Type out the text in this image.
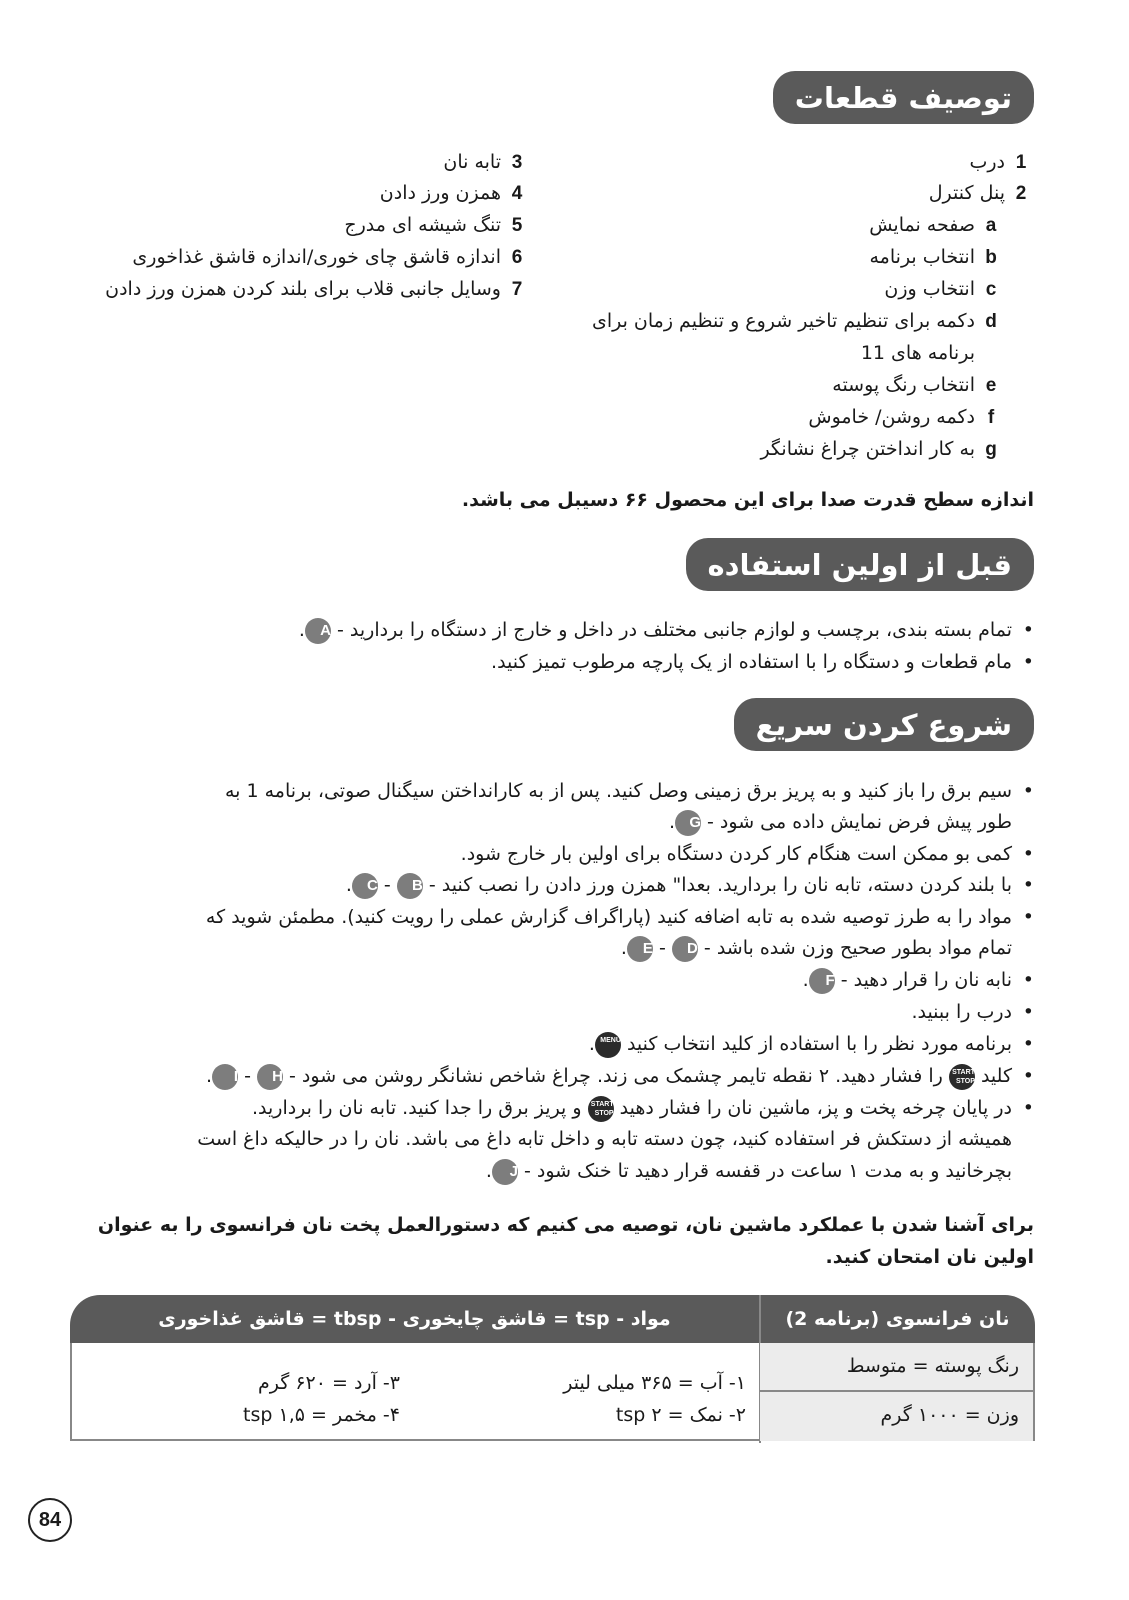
توصیف قطعات
1درب
2پنل کنترل
aصفحه نمایش
bانتخاب برنامه
cانتخاب وزن
dدکمه برای تنظیم تاخیر شروع و تنظیم زمان برای
برنامه های 11
eانتخاب رنگ پوسته
fدکمه روشن/ خاموش
gبه کار انداختن چراغ نشانگر
3تابه نان
4همزن ورز دادن
5تنگ شیشه ای مدرج
6اندازه قاشق چای خوری/اندازه قاشق غذاخوری
7وسایل جانبی قلاب برای بلند کردن همزن ورز دادن
اندازه سطح قدرت صدا برای این محصول ۶۶ دسیبل می باشد.
قبل از اولین استفاده
•
تمام بسته بندی، برچسب و لوازم جانبی مختلف در داخل و خارج از دستگاه را بردارید - A.
•
مام قطعات و دستگاه را با استفاده از یک پارچه مرطوب تمیز کنید.
شروع کردن سریع
•
سیم برق را باز کنید و به پریز برق زمینی وصل کنید. پس از به کارانداختن سیگنال صوتی، برنامه 1 به
طور پیش فرض نمایش داده می شود - G.
•
کمی بو ممکن است هنگام کار کردن دستگاه برای اولین بار خارج شود.
•
با بلند کردن دسته، تابه نان را بردارید. بعدا" همزن ورز دادن را نصب کنید - B - C.
•
مواد را به طرز توصیه شده به تابه اضافه کنید (پاراگراف گزارش عملی را رویت کنید). مطمئن شوید که
تمام مواد بطور صحیح وزن شده باشد - D - E.
•
نابه نان را قرار دهید - F.
•
درب را ببنید.
•
برنامه مورد نظر را با استفاده از کلید انتخاب کنید MENU.
•
کلید START
STOP را فشار دهید. ۲ نقطه تایمر چشمک می زند. چراغ شاخص نشانگر روشن می شود - H - I.
•
در پایان چرخه پخت و پز، ماشین نان را فشار دهید START
STOP و پریز برق را جدا کنید. تابه نان را بردارید.
همیشه از دستکش فر استفاده کنید، چون دسته تابه و داخل تابه داغ می باشد. نان را در حالیکه داغ است
بچرخانید و به مدت ۱ ساعت در قفسه قرار دهید تا خنک شود - J.
برای آشنا شدن با عملکرد ماشین نان، توصیه می کنیم که دستورالعمل پخت نان فرانسوی را به عنوان
اولین نان امتحان کنید.
نان فرانسوی (برنامه 2)
مواد - tsp = قاشق چایخوری - tbsp = قاشق غذاخوری
رنگ پوسته = متوسط
وزن = ۱۰۰۰ گرم
۱- آب = ۳۶۵ میلی لیتر
۲- نمک = ۲ tsp
۳- آرد = ۶۲۰ گرم
۴- مخمر = ۱,۵ tsp
84
